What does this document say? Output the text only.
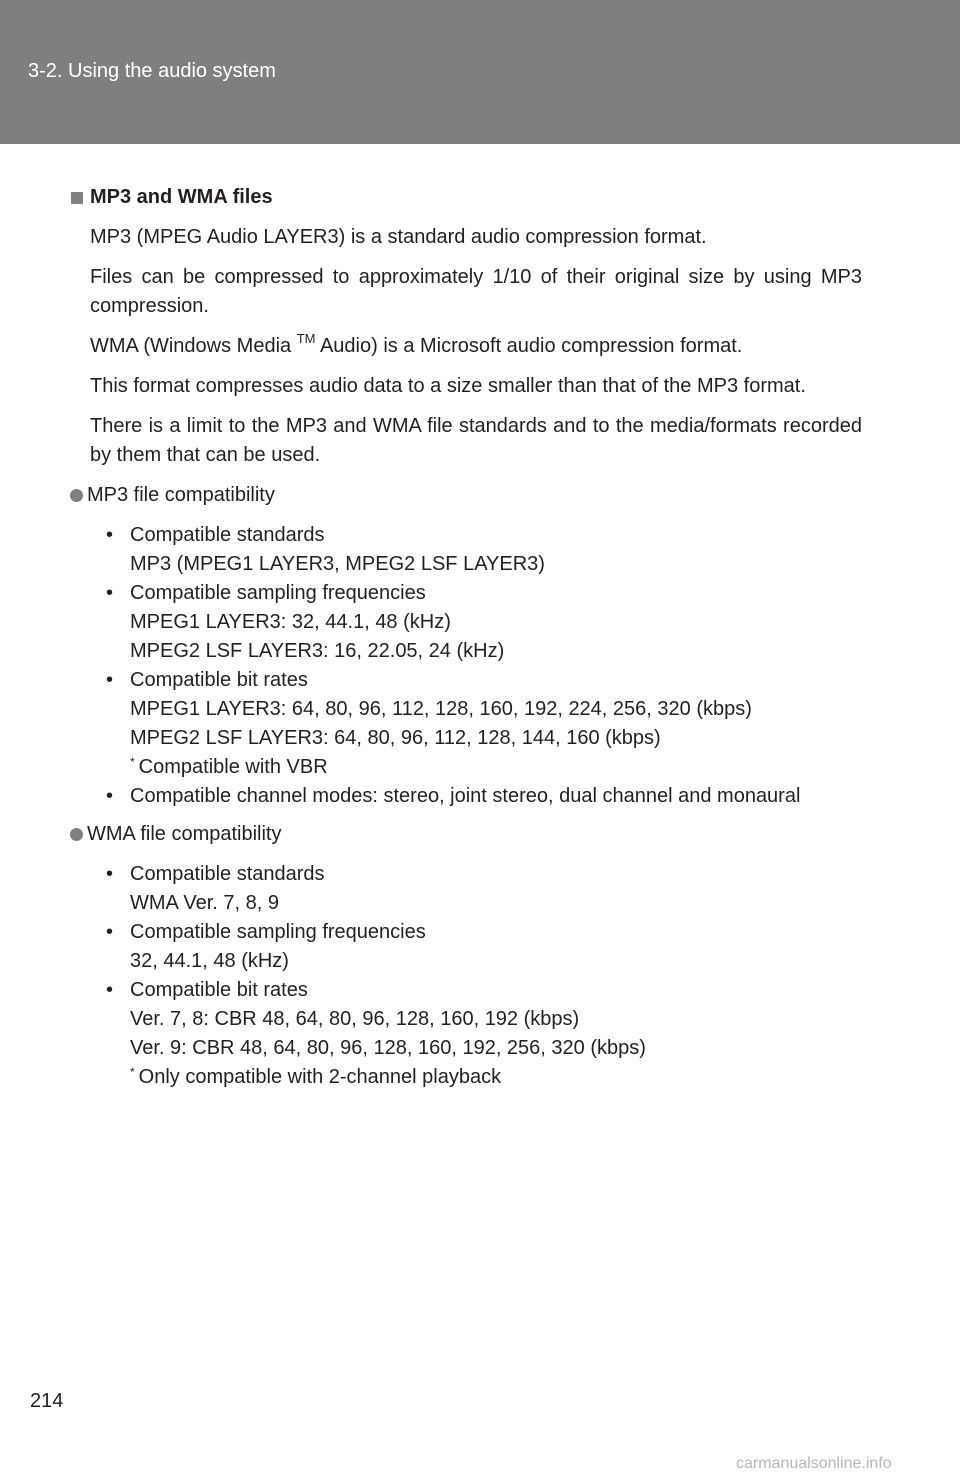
3-2. Using the audio system
MP3 and WMA files
MP3 (MPEG Audio LAYER3) is a standard audio compression format.
Files can be compressed to approximately 1/10 of their original size by using MP3 compression.
WMA (Windows Media ™ Audio) is a Microsoft audio compression format.
This format compresses audio data to a size smaller than that of the MP3 format.
There is a limit to the MP3 and WMA file standards and to the media/formats recorded by them that can be used.
MP3 file compatibility
• Compatible standards
MP3 (MPEG1 LAYER3, MPEG2 LSF LAYER3)
• Compatible sampling frequencies
MPEG1 LAYER3: 32, 44.1, 48 (kHz)
MPEG2 LSF LAYER3: 16, 22.05, 24 (kHz)
• Compatible bit rates
MPEG1 LAYER3: 64, 80, 96, 112, 128, 160, 192, 224, 256, 320 (kbps)
MPEG2 LSF LAYER3: 64, 80, 96, 112, 128, 144, 160 (kbps)
* Compatible with VBR
• Compatible channel modes: stereo, joint stereo, dual channel and monaural
WMA file compatibility
• Compatible standards
WMA Ver. 7, 8, 9
• Compatible sampling frequencies
32, 44.1, 48 (kHz)
• Compatible bit rates
Ver. 7, 8: CBR 48, 64, 80, 96, 128, 160, 192 (kbps)
Ver. 9: CBR 48, 64, 80, 96, 128, 160, 192, 256, 320 (kbps)
* Only compatible with 2-channel playback
214
carmanualsonline.info
